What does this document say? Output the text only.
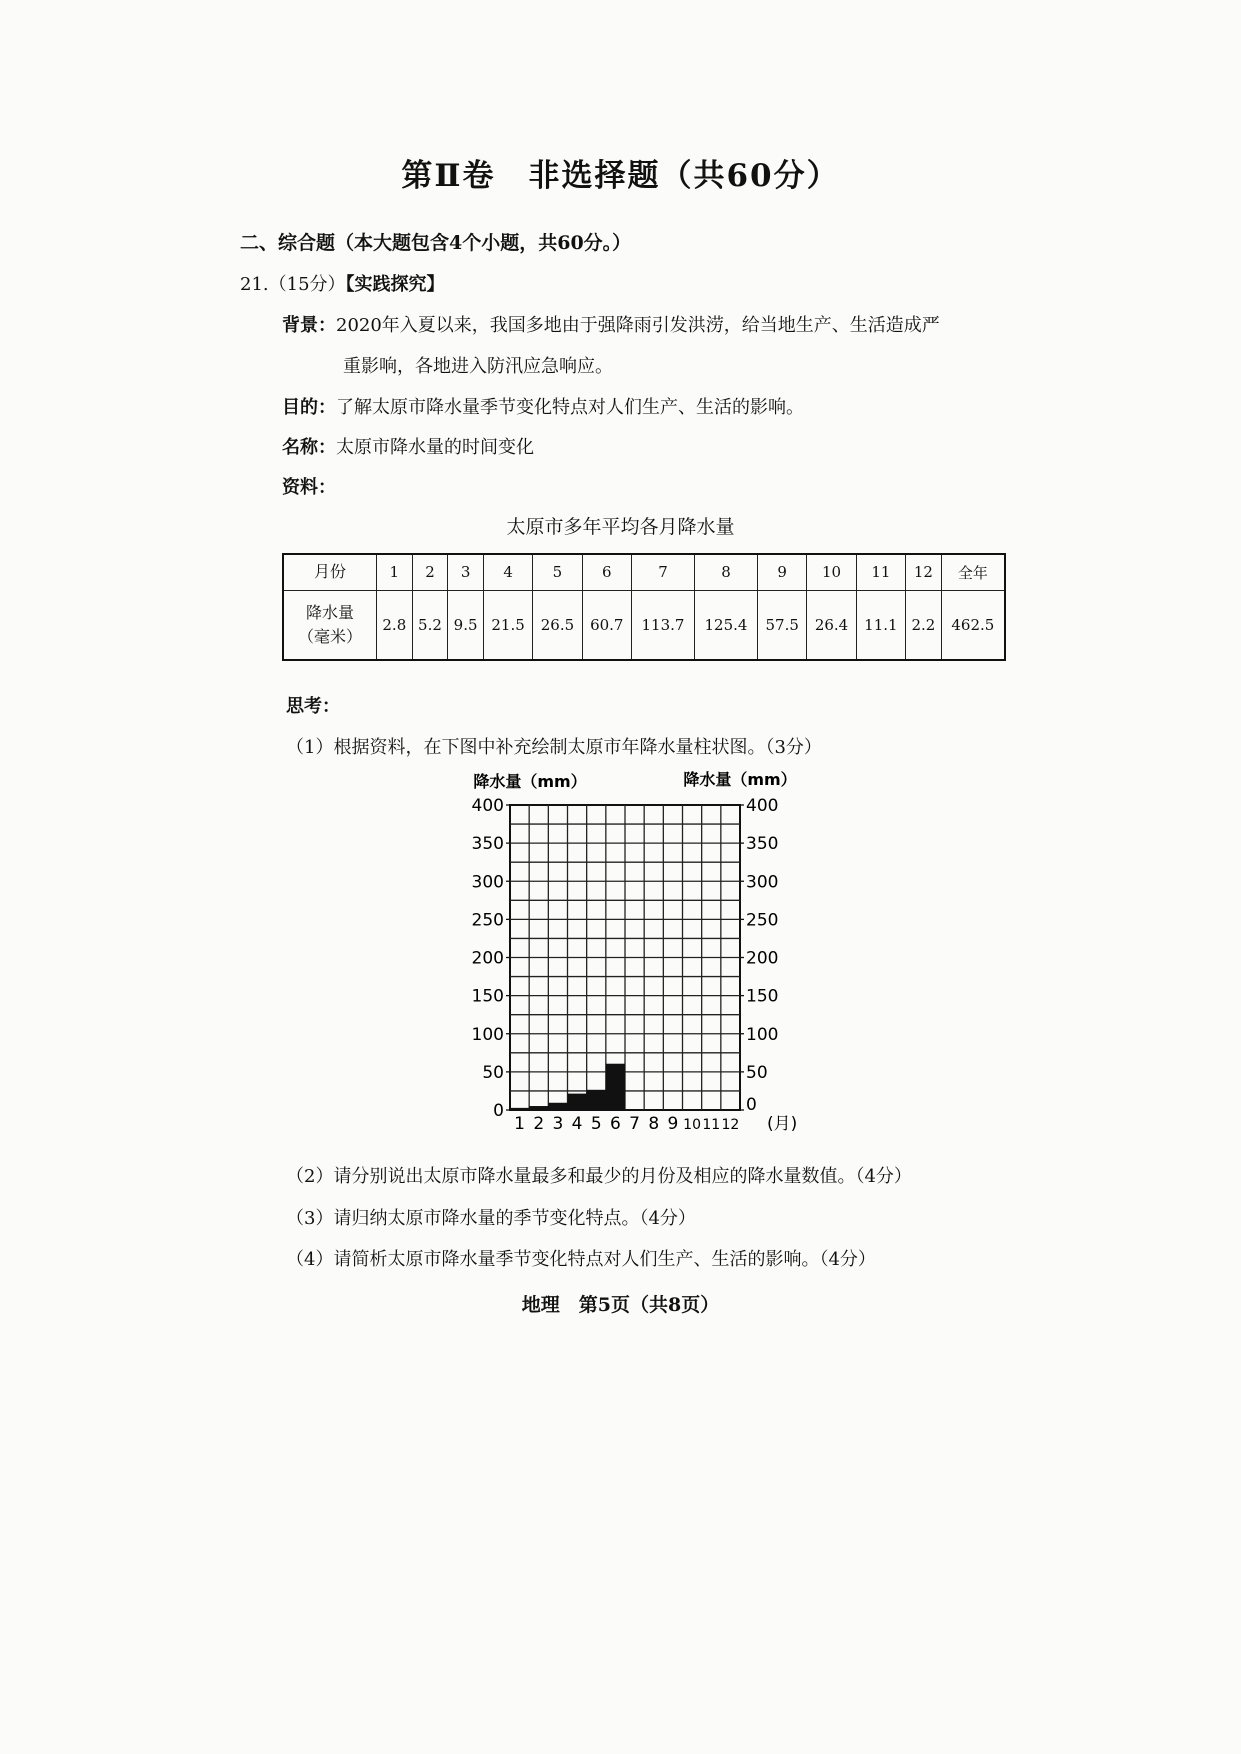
第Ⅱ卷　非选择题（共60分）
二、综合题（本大题包含4个小题，共60分。）
21.（15分）【实践探究】
背景：2020年入夏以来，我国多地由于强降雨引发洪涝，给当地生产、生活造成严
重影响，各地进入防汛应急响应。
目的：了解太原市降水量季节变化特点对人们生产、生活的影响。
名称：太原市降水量的时间变化
资料：
太原市多年平均各月降水量
月份	1	2	3	4	5	6	7	8	9	10	11	12	全年
降水量
（毫米）	2.8	5.2	9.5	21.5	26.5	60.7	113.7	125.4	57.5	26.4	11.1	2.2	462.5
思考：
（1）根据资料，在下图中补充绘制太原市年降水量柱状图。（3分）
降水量（mm）	降水量（mm）
0	0
50	50
100	100
150	150
200	200
250	250
300	300
350	350
400	400
1 2 3 4 5 6 7 8 9 10 11 12 (月)
（2）请分别说出太原市降水量最多和最少的月份及相应的降水量数值。（4分）
（3）请归纳太原市降水量的季节变化特点。（4分）
（4）请简析太原市降水量季节变化特点对人们生产、生活的影响。（4分）
地理　第5页（共8页）
